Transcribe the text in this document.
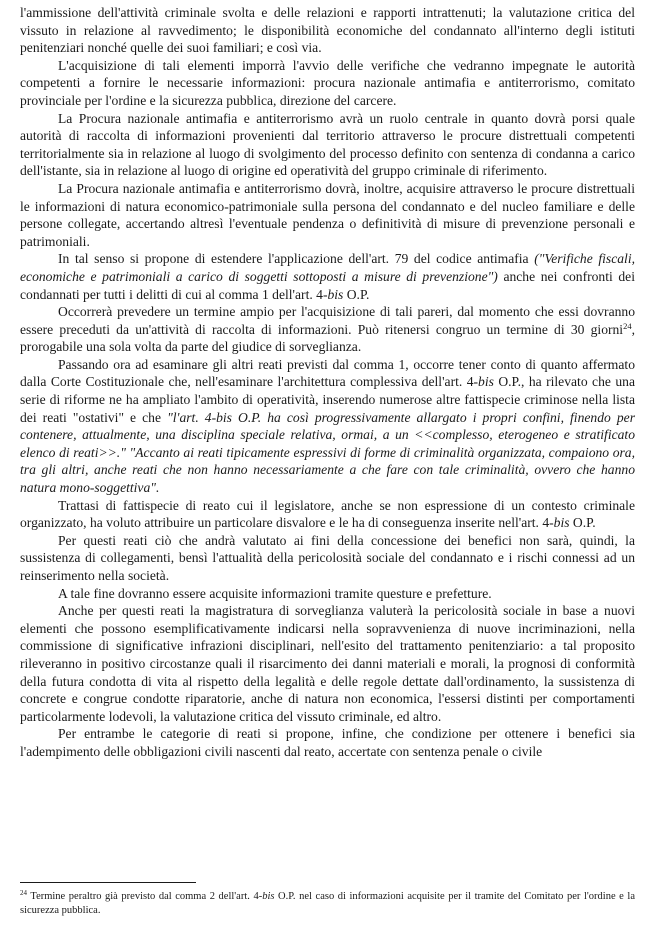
l'ammissione dell'attività criminale svolta e delle relazioni e rapporti intrattenuti; la valutazione critica del vissuto in relazione al ravvedimento; le disponibilità economiche del condannato all'interno degli istituti penitenziari nonché quelle dei suoi familiari; e così via.

L'acquisizione di tali elementi imporrà l'avvio delle verifiche che vedranno impegnate le autorità competenti a fornire le necessarie informazioni: procura nazionale antimafia e antiterrorismo, comitato provinciale per l'ordine e la sicurezza pubblica, direzione del carcere.

La Procura nazionale antimafia e antiterrorismo avrà un ruolo centrale in quanto dovrà porsi quale autorità di raccolta di informazioni provenienti dal territorio attraverso le procure distrettuali competenti territorialmente sia in relazione al luogo di svolgimento del processo definito con sentenza di condanna a carico dell'istante, sia in relazione al luogo di origine ed operatività del gruppo criminale di riferimento.

La Procura nazionale antimafia e antiterrorismo dovrà, inoltre, acquisire attraverso le procure distrettuali le informazioni di natura economico-patrimoniale sulla persona del condannato e del nucleo familiare e delle persone collegate, accertando altresì l'eventuale pendenza o definitività di misure di prevenzione personali e patrimoniali.

In tal senso si propone di estendere l'applicazione dell'art. 79 del codice antimafia ("Verifiche fiscali, economiche e patrimoniali a carico di soggetti sottoposti a misure di prevenzione") anche nei confronti dei condannati per tutti i delitti di cui al comma 1 dell'art. 4-bis O.P.

Occorrerà prevedere un termine ampio per l'acquisizione di tali pareri, dal momento che essi dovranno essere preceduti da un'attività di raccolta di informazioni. Può ritenersi congruo un termine di 30 giorni$^{24}$, prorogabile una sola volta da parte del giudice di sorveglianza.

Passando ora ad esaminare gli altri reati previsti dal comma 1, occorre tener conto di quanto affermato dalla Corte Costituzionale che, nell'esaminare l'architettura complessiva dell'art. 4-bis O.P., ha rilevato che una serie di riforme ne ha ampliato l'ambito di operatività, inserendo numerose altre fattispecie criminose nella lista dei reati "ostativi" e che "l'art. 4-bis O.P. ha così progressivamente allargato i propri confini, finendo per contenere, attualmente, una disciplina speciale relativa, ormai, a un <<complesso, eterogeneo e stratificato elenco di reati>>." "Accanto ai reati tipicamente espressivi di forme di criminalità organizzata, compaiono ora, tra gli altri, anche reati che non hanno necessariamente a che fare con tale criminalità, ovvero che hanno natura mono-soggettiva".

Trattasi di fattispecie di reato cui il legislatore, anche se non espressione di un contesto criminale organizzato, ha voluto attribuire un particolare disvalore e le ha di conseguenza inserite nell'art. 4-bis O.P.

Per questi reati ciò che andrà valutato ai fini della concessione dei benefici non sarà, quindi, la sussistenza di collegamenti, bensì l'attualità della pericolosità sociale del condannato e i rischi connessi ad un reinserimento nella società.

A tale fine dovranno essere acquisite informazioni tramite questure e prefetture.

Anche per questi reati la magistratura di sorveglianza valuterà la pericolosità sociale in base a nuovi elementi che possono esemplificativamente indicarsi nella sopravvenienza di nuove incriminazioni, nella commissione di significative infrazioni disciplinari, nell'esito del trattamento penitenziario: a tal proposito rileveranno in positivo circostanze quali il risarcimento dei danni materiali e morali, la prognosi di conformità della futura condotta di vita al rispetto della legalità e delle regole dettate dall'ordinamento, la sussistenza di concrete e congrue condotte riparatorie, anche di natura non economica, l'essersi distinti per comportamenti particolarmente lodevoli, la valutazione critica del vissuto criminale, ed altro.

Per entrambe le categorie di reati si propone, infine, che condizione per ottenere i benefici sia l'adempimento delle obbligazioni civili nascenti dal reato, accertate con sentenza penale o civile

$^{24}$ Termine peraltro già previsto dal comma 2 dell'art. 4-bis O.P. nel caso di informazioni acquisite per il tramite del Comitato per l'ordine e la sicurezza pubblica.
